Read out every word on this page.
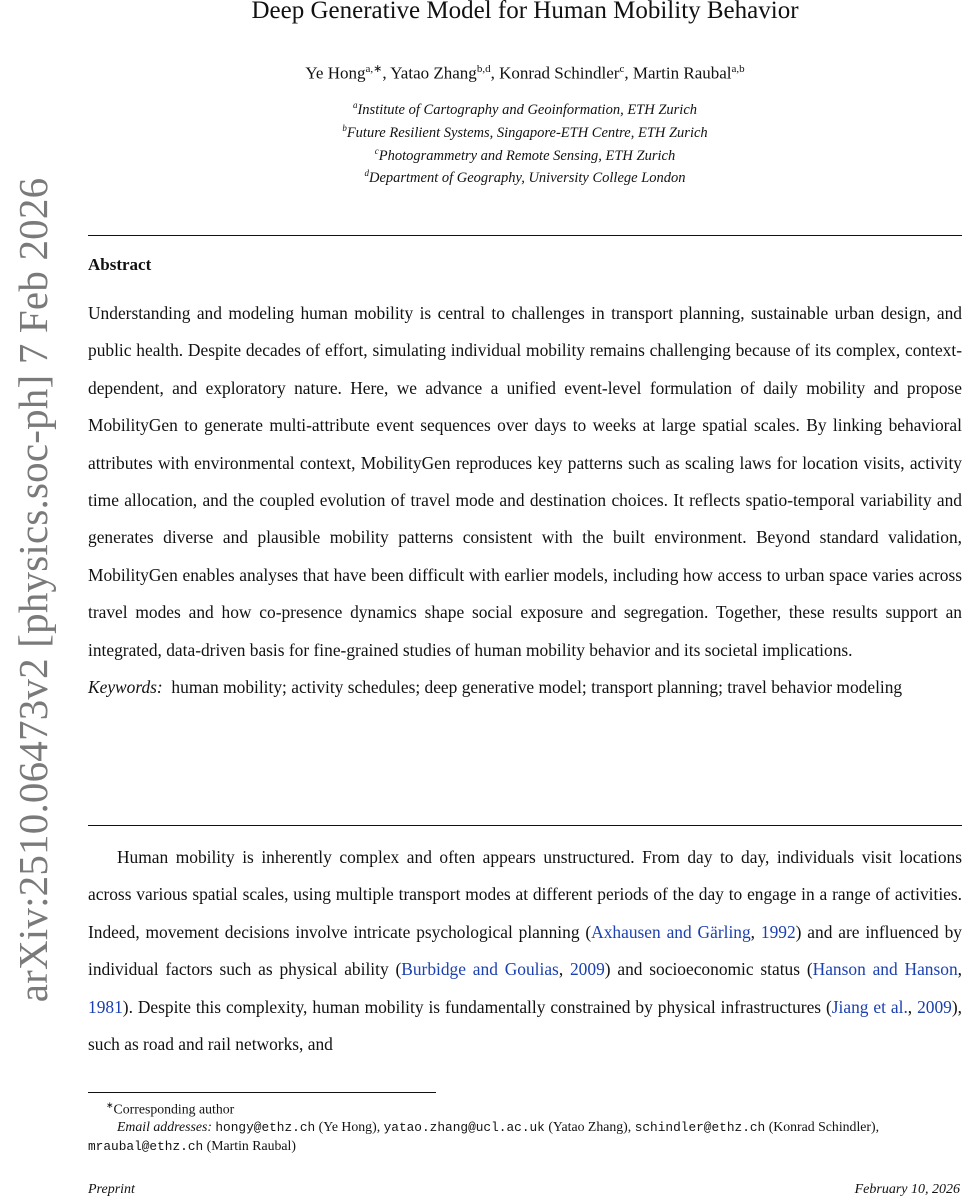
arXiv:2510.06473v2 [physics.soc-ph] 7 Feb 2026
Deep Generative Model for Human Mobility Behavior
Ye Hong$^{a,∗}$, Yatao Zhang$^{b,d}$, Konrad Schindler$^c$, Martin Raubal$^{a,b}$
$^a$Institute of Cartography and Geoinformation, ETH Zurich
$^b$Future Resilient Systems, Singapore-ETH Centre, ETH Zurich
$^c$Photogrammetry and Remote Sensing, ETH Zurich
$^d$Department of Geography, University College London
Abstract
Understanding and modeling human mobility is central to challenges in transport planning, sustainable urban design, and public health. Despite decades of effort, simulating individual mobility remains challenging because of its complex, context-dependent, and exploratory nature. Here, we advance a unified event-level formulation of daily mobility and propose MobilityGen to generate multi-attribute event sequences over days to weeks at large spatial scales. By linking behavioral attributes with environmental context, MobilityGen reproduces key patterns such as scaling laws for location visits, activity time allocation, and the coupled evolution of travel mode and destination choices. It reflects spatio-temporal variability and generates diverse and plausible mobility patterns consistent with the built environment. Beyond standard validation, MobilityGen enables analyses that have been difficult with earlier models, including how access to urban space varies across travel modes and how co-presence dynamics shape social exposure and segregation. Together, these results support an integrated, data-driven basis for fine-grained studies of human mobility behavior and its societal implications.
Keywords: human mobility; activity schedules; deep generative model; transport planning; travel behavior modeling
Human mobility is inherently complex and often appears unstructured. From day to day, individuals visit locations across various spatial scales, using multiple transport modes at different periods of the day to engage in a range of activities. Indeed, movement decisions involve intricate psychological planning (Axhausen and Gärling, 1992) and are influenced by individual factors such as physical ability (Burbidge and Goulias, 2009) and socioeconomic status (Hanson and Hanson, 1981). Despite this complexity, human mobility is fundamentally constrained by physical infrastructures (Jiang et al., 2009), such as road and rail networks, and
∗Corresponding author
Email addresses: hongy@ethz.ch (Ye Hong), yatao.zhang@ucl.ac.uk (Yatao Zhang), schindler@ethz.ch (Konrad Schindler),
mraubal@ethz.ch (Martin Raubal)
Preprint	February 10, 2026
